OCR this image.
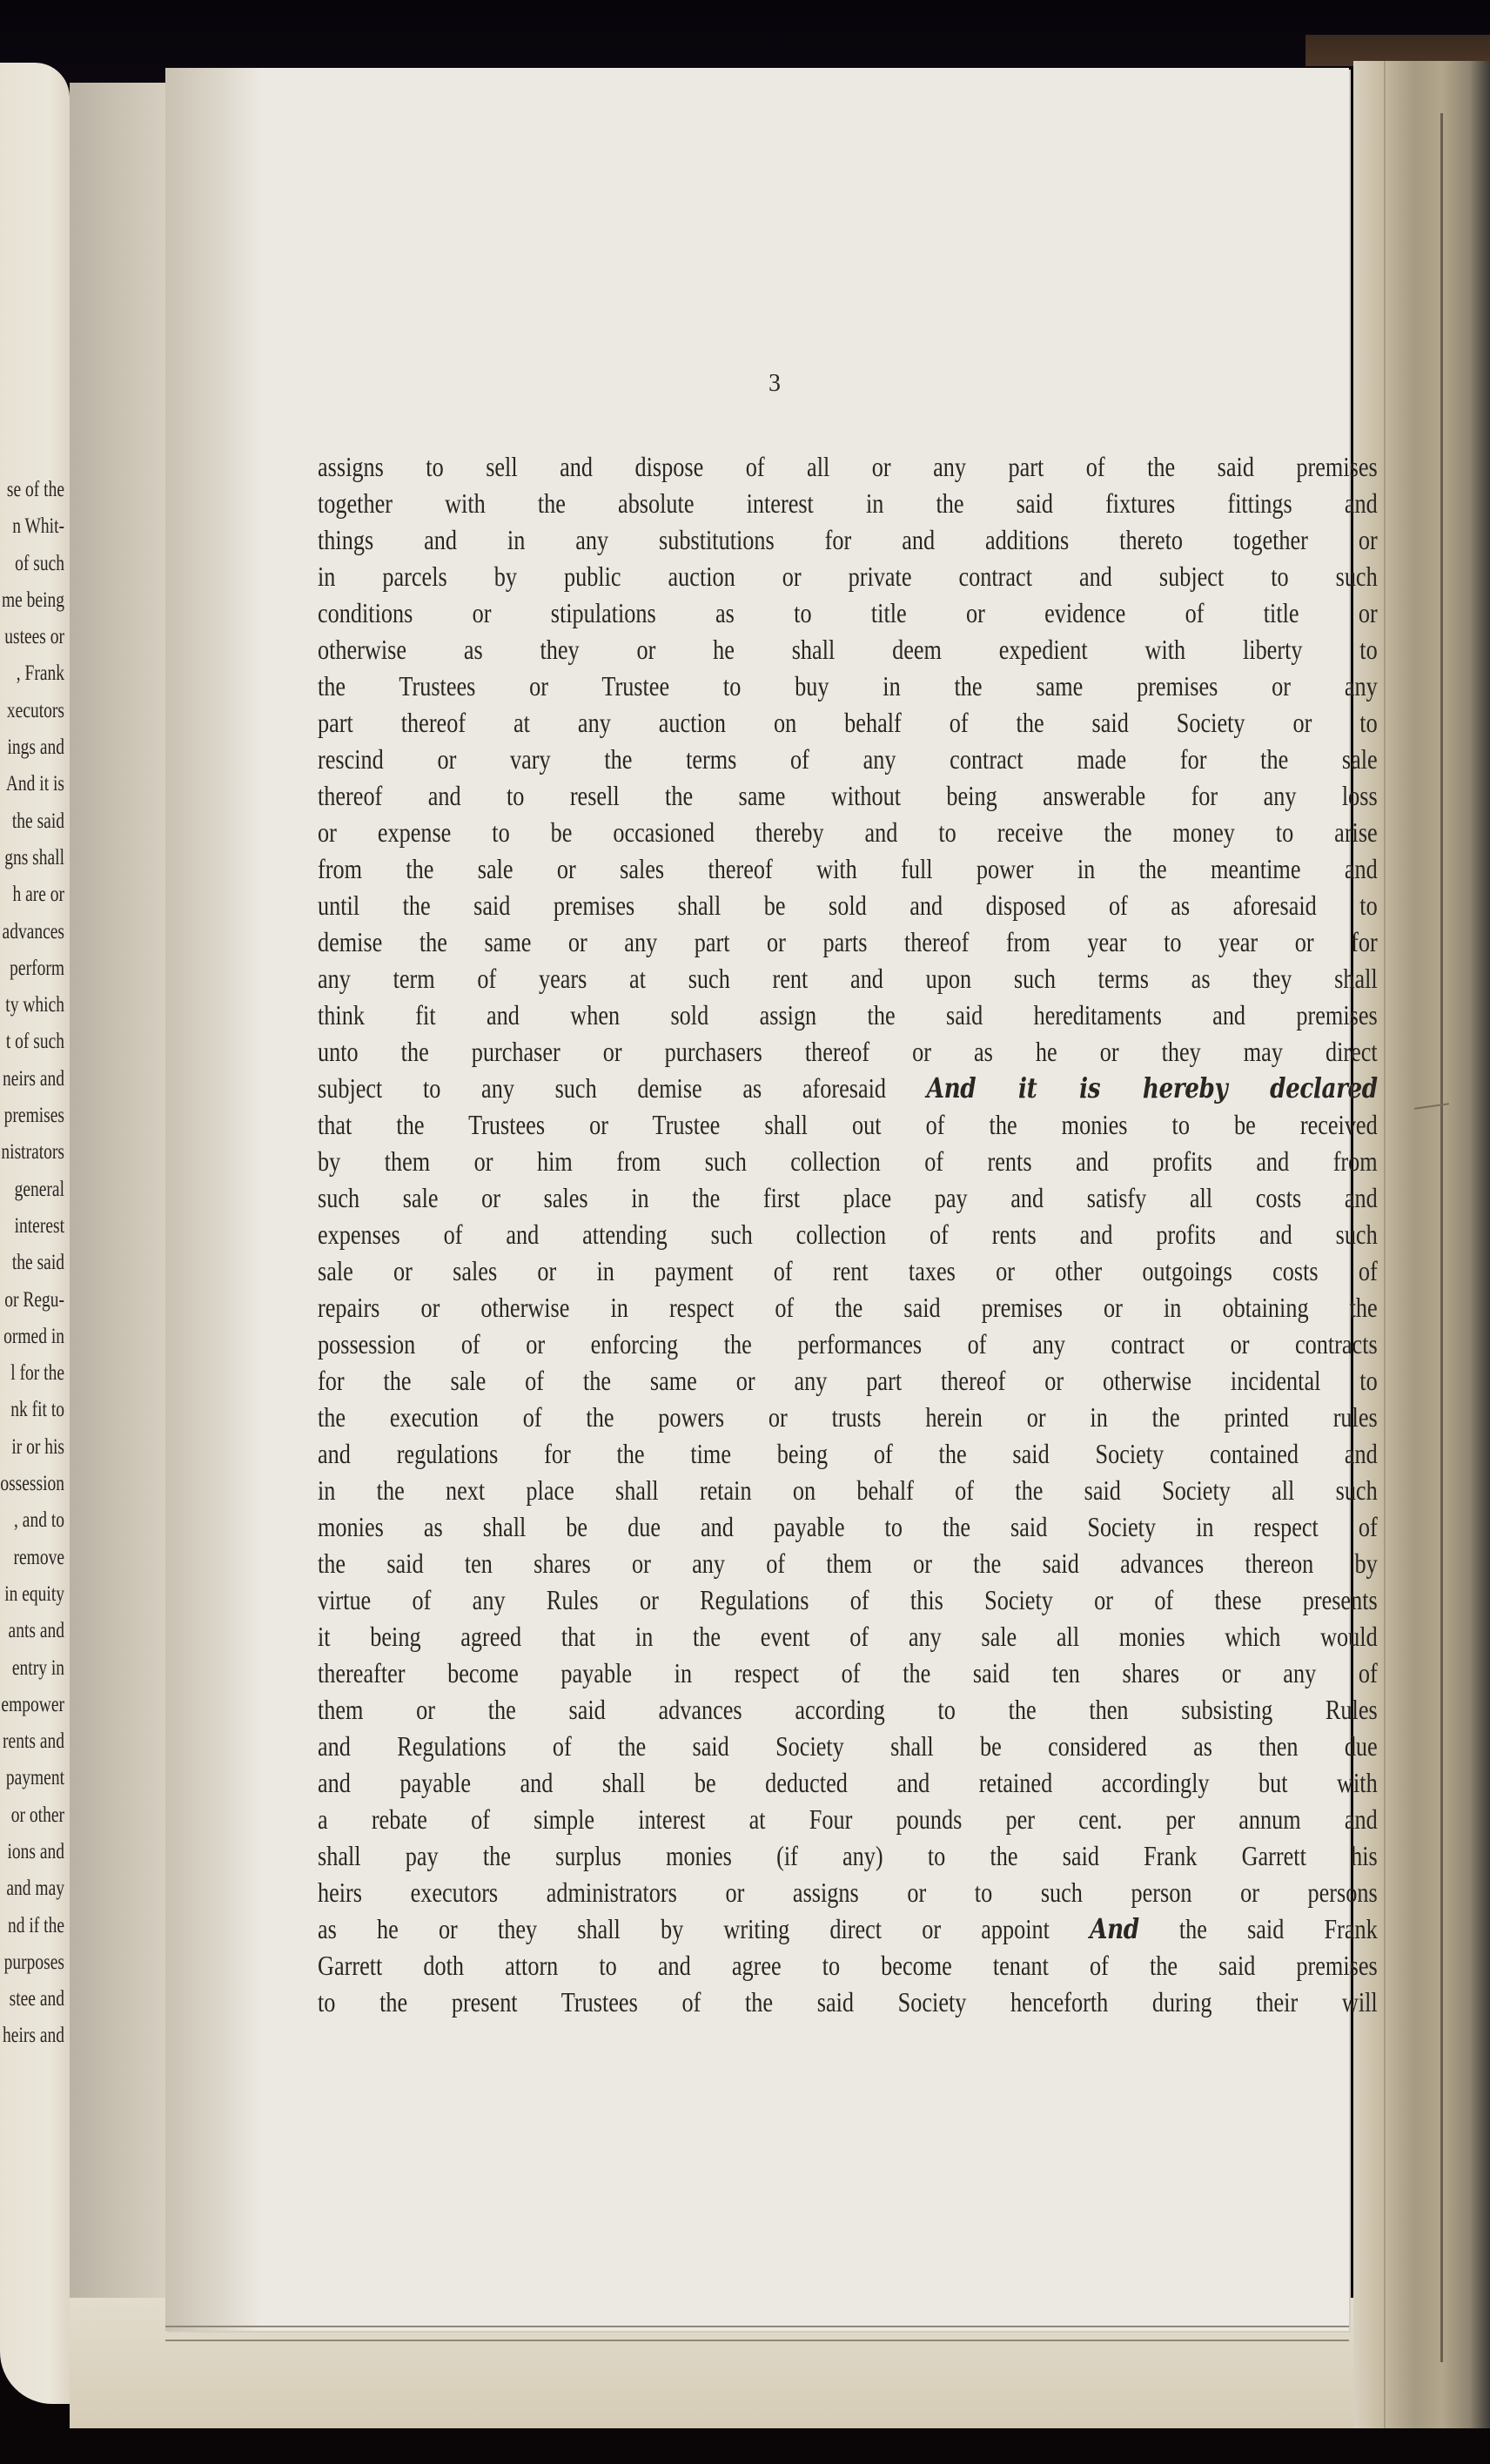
se of the
n Whit-
of such
me being
ustees or
, Frank
xecutors
ings and
And it is
the said
gns shall
h are or
advances
perform
ty which
t of such
neirs and
premises
nistrators
general
interest
the said
or Regu-
ormed in
l for the
nk fit to
ir or his
ossession
, and to
remove
in equity
ants and
entry in
empower
rents and
payment
or other
ions and
and may
nd if the
purposes
stee and
heirs and
3
assigns to sell and dispose of all or any part of the said premises
together with the absolute interest in the said fixtures fittings and
things and in any substitutions for and additions thereto together or
in parcels by public auction or private contract and subject to such
conditions or stipulations as to title or evidence of title or
otherwise as they or he shall deem expedient with liberty to
the Trustees or Trustee to buy in the same premises or any
part thereof at any auction on behalf of the said Society or to
rescind or vary the terms of any contract made for the sale
thereof and to resell the same without being answerable for any loss
or expense to be occasioned thereby and to receive the money to arise
from the sale or sales thereof with full power in the meantime and
until the said premises shall be sold and disposed of as aforesaid to
demise the same or any part or parts thereof from year to year or for
any term of years at such rent and upon such terms as they shall
think fit and when sold assign the said hereditaments and premises
unto the purchaser or purchasers thereof or as he or they may direct
subject to any such demise as aforesaid And it is hereby declared
that the Trustees or Trustee shall out of the monies to be received
by them or him from such collection of rents and profits and from
such sale or sales in the first place pay and satisfy all costs and
expenses of and attending such collection of rents and profits and such
sale or sales or in payment of rent taxes or other outgoings costs of
repairs or otherwise in respect of the said premises or in obtaining the
possession of or enforcing the performances of any contract or contracts
for the sale of the same or any part thereof or otherwise incidental to
the execution of the powers or trusts herein or in the printed rules
and regulations for the time being of the said Society contained and
in the next place shall retain on behalf of the said Society all such
monies as shall be due and payable to the said Society in respect of
the said ten shares or any of them or the said advances thereon by
virtue of any Rules or Regulations of this Society or of these presents
it being agreed that in the event of any sale all monies which would
thereafter become payable in respect of the said ten shares or any of
them or the said advances according to the then subsisting Rules
and Regulations of the said Society shall be considered as then due
and payable and shall be deducted and retained accordingly but with
a rebate of simple interest at Four pounds per cent. per annum and
shall pay the surplus monies (if any) to the said Frank Garrett his
heirs executors administrators or assigns or to such person or persons
as he or they shall by writing direct or appoint And the said Frank
Garrett doth attorn to and agree to become tenant of the said premises
to the present Trustees of the said Society henceforth during their will
